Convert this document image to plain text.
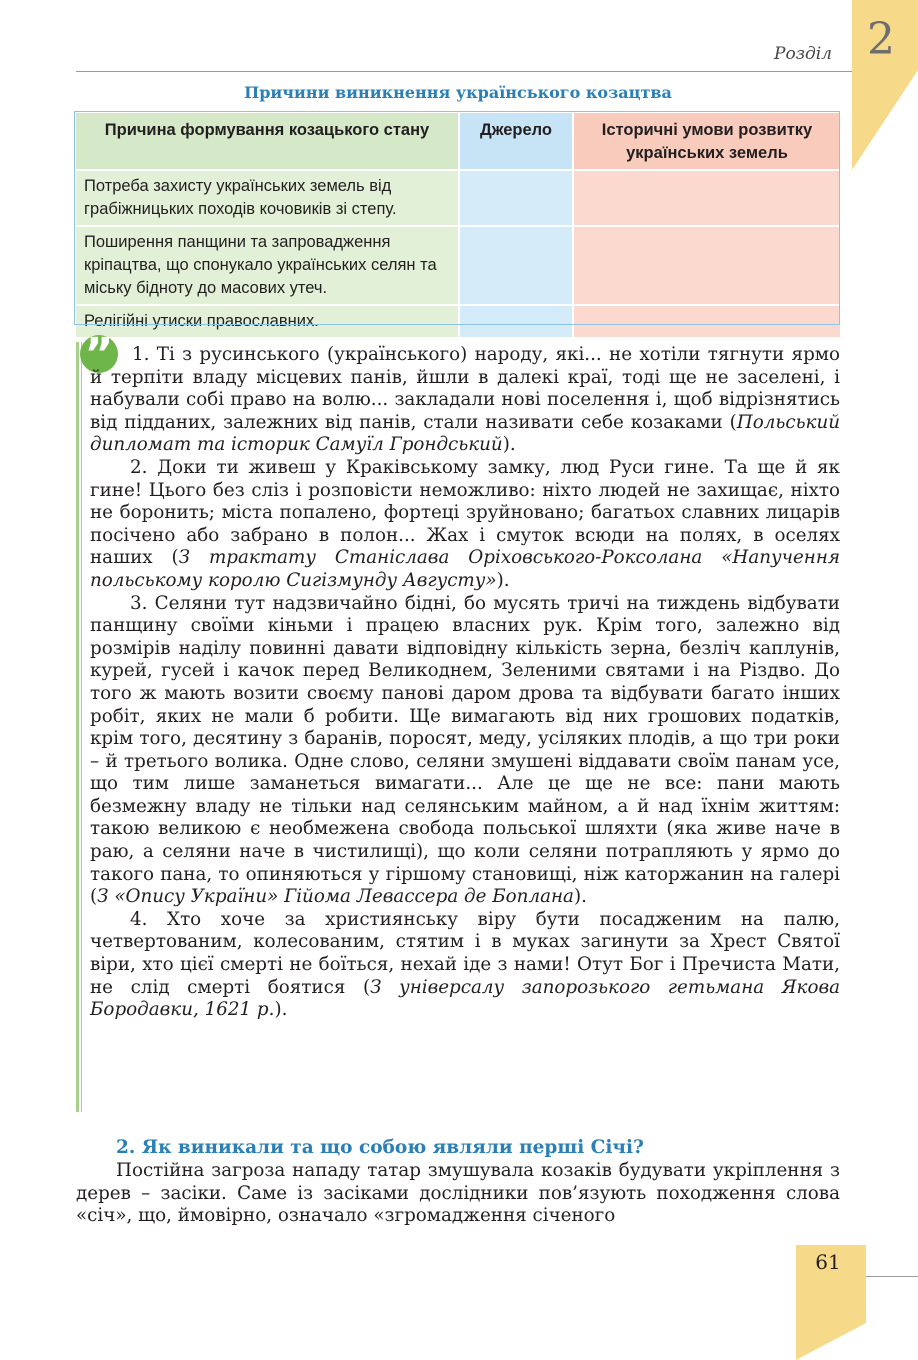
Розділ 2
Причини виникнення українського козацтва
Причина формування козацького стану	Джерело	Історичні умови розвитку українських земель
Потреба захисту українських земель від грабіжницьких походів кочовиків зі степу.		
Поширення панщини та запровадження кріпацтва, що спонукало українських селян та міську бідноту до масових утеч.		
Релігійні утиски православних.		
”	1. Ті з русинського (українського) народу, які... не хотіли тягнути ярмо й терпіти владу місцевих панів, йшли в далекі краї, тоді ще не заселені, і набували собі право на волю... закладали нові поселення і, щоб відрізнятись від підданих, залежних від панів, стали називати себе козаками (Польський дипломат та історик Самуїл Грондський).

2. Доки ти живеш у Краківському замку, люд Руси гине. Та ще й як гине! Цього без сліз і розповісти неможливо: ніхто людей не захищає, ніхто не боронить; міста попалено, фортеці зруйновано; багатьох славних лицарів посічено або забрано в полон... Жах і смуток всюди на полях, в оселях наших (З трактату Станіслава Оріховського-Роксолана «Напучення польському королю Сигізмунду Августу»).

3. Селяни тут надзвичайно бідні, бо мусять тричі на тиждень відбувати панщину своїми кіньми і працею власних рук. Крім того, залежно від розмірів наділу повинні давати відповідну кількість зерна, безліч каплунів, курей, гусей і качок перед Великоднем, Зеленими святами і на Різдво. До того ж мають возити своєму панові даром дрова та відбувати багато інших робіт, яких не мали б робити. Ще вимагають від них грошових податків, крім того, десятину з баранів, поросят, меду, усіляких плодів, а що три роки – й третього волика. Одне слово, селяни змушені віддавати своїм панам усе, що тим лише заманеться вимагати... Але це ще не все: пани мають безмежну владу не тільки над селянським майном, а й над їхнім життям: такою великою є необмежена свобода польської шляхти (яка живе наче в раю, а селяни наче в чистилищі), що коли селяни потрапляють у ярмо до такого пана, то опиняються у гіршому становищі, ніж каторжанин на галері (З «Опису України» Гійома Левассера де Боплана).

4. Хто хоче за християнську віру бути посадженим на палю, четвертованим, колесованим, стятим і в муках загинути за Хрест Святої віри, хто цієї смерті не боїться, нехай іде з нами! Отут Бог і Пречиста Мати, не слід смерті боятися (З універсалу запорозького гетьмана Якова Бородавки, 1621 р.).

2. Як виникали та що собою являли перші Січі?

Постійна загроза нападу татар змушувала козаків будувати укріплення з дерев – засіки. Саме із засіками дослідники пов’язують походження слова «січ», що, ймовірно, означало «згромадження січеного

61
